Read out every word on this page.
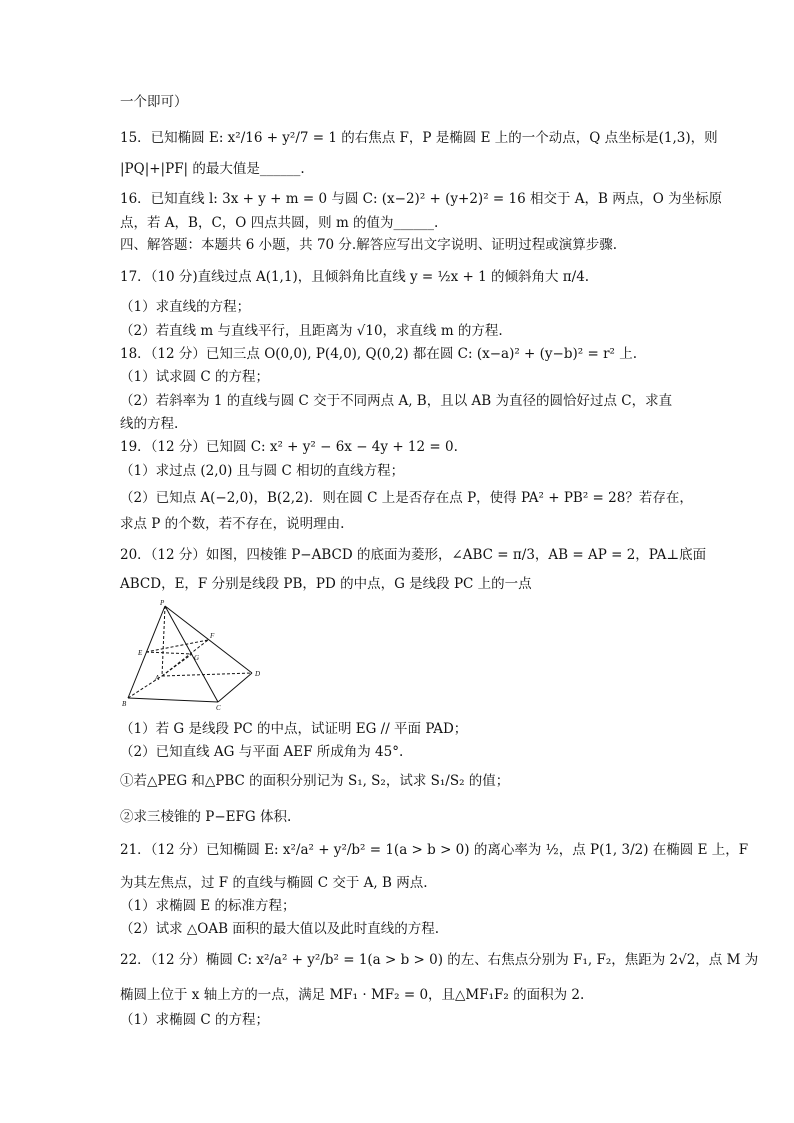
一个即可）
15．已知椭圆 E: x²/16 + y²/7 = 1 的右焦点 F，P 是椭圆 E 上的一个动点，Q 点坐标是(1,3)，则
|PQ|+|PF| 的最大值是______.
16．已知直线 l: 3x + y + m = 0 与圆 C: (x−2)² + (y+2)² = 16 相交于 A，B 两点，O 为坐标原
点，若 A，B，C，O 四点共圆，则 m 的值为______.
四、解答题：本题共 6 小题，共 70 分.解答应写出文字说明、证明过程或演算步骤.
17．（10 分)直线过点 A(1,1)，且倾斜角比直线 y = ½x + 1 的倾斜角大 π/4.
（1）求直线的方程；
（2）若直线 m 与直线平行，且距离为 √10，求直线 m 的方程.
18．（12 分）已知三点 O(0,0), P(4,0), Q(0,2) 都在圆 C: (x−a)² + (y−b)² = r² 上.
（1）试求圆 C 的方程；
（2）若斜率为 1 的直线与圆 C 交于不同两点 A, B，且以 AB 为直径的圆恰好过点 C，求直
线的方程.
19．（12 分）已知圆 C: x² + y² − 6x − 4y + 12 = 0.
（1）求过点 (2,0) 且与圆 C 相切的直线方程；
（2）已知点 A(−2,0)，B(2,2)．则在圆 C 上是否存在点 P，使得 PA² + PB² = 28？若存在，
求点 P 的个数，若不存在，说明理由.
20．（12 分）如图，四棱锥 P−ABCD 的底面为菱形，∠ABC = π/3，AB = AP = 2，PA⊥底面
ABCD，E，F 分别是线段 PB，PD 的中点，G 是线段 PC 上的一点
P
F
E
G
A	D
B	C
（1）若 G 是线段 PC 的中点，试证明 EG // 平面 PAD；
（2）已知直线 AG 与平面 AEF 所成角为 45°.
①若△PEG 和△PBC 的面积分别记为 S₁, S₂，试求 S₁/S₂ 的值；
②求三棱锥的 P−EFG 体积.
21．（12 分）已知椭圆 E: x²/a² + y²/b² = 1(a > b > 0) 的离心率为 ½，点 P(1, 3/2) 在椭圆 E 上，F
为其左焦点，过 F 的直线与椭圆 C 交于 A, B 两点.
（1）求椭圆 E 的标准方程；
（2）试求 △OAB 面积的最大值以及此时直线的方程.
22．（12 分）椭圆 C: x²/a² + y²/b² = 1(a > b > 0) 的左、右焦点分别为 F₁, F₂，焦距为 2√2，点 M 为
椭圆上位于 x 轴上方的一点，满足 MF₁ · MF₂ = 0，且△MF₁F₂ 的面积为 2.
（1）求椭圆 C 的方程；
